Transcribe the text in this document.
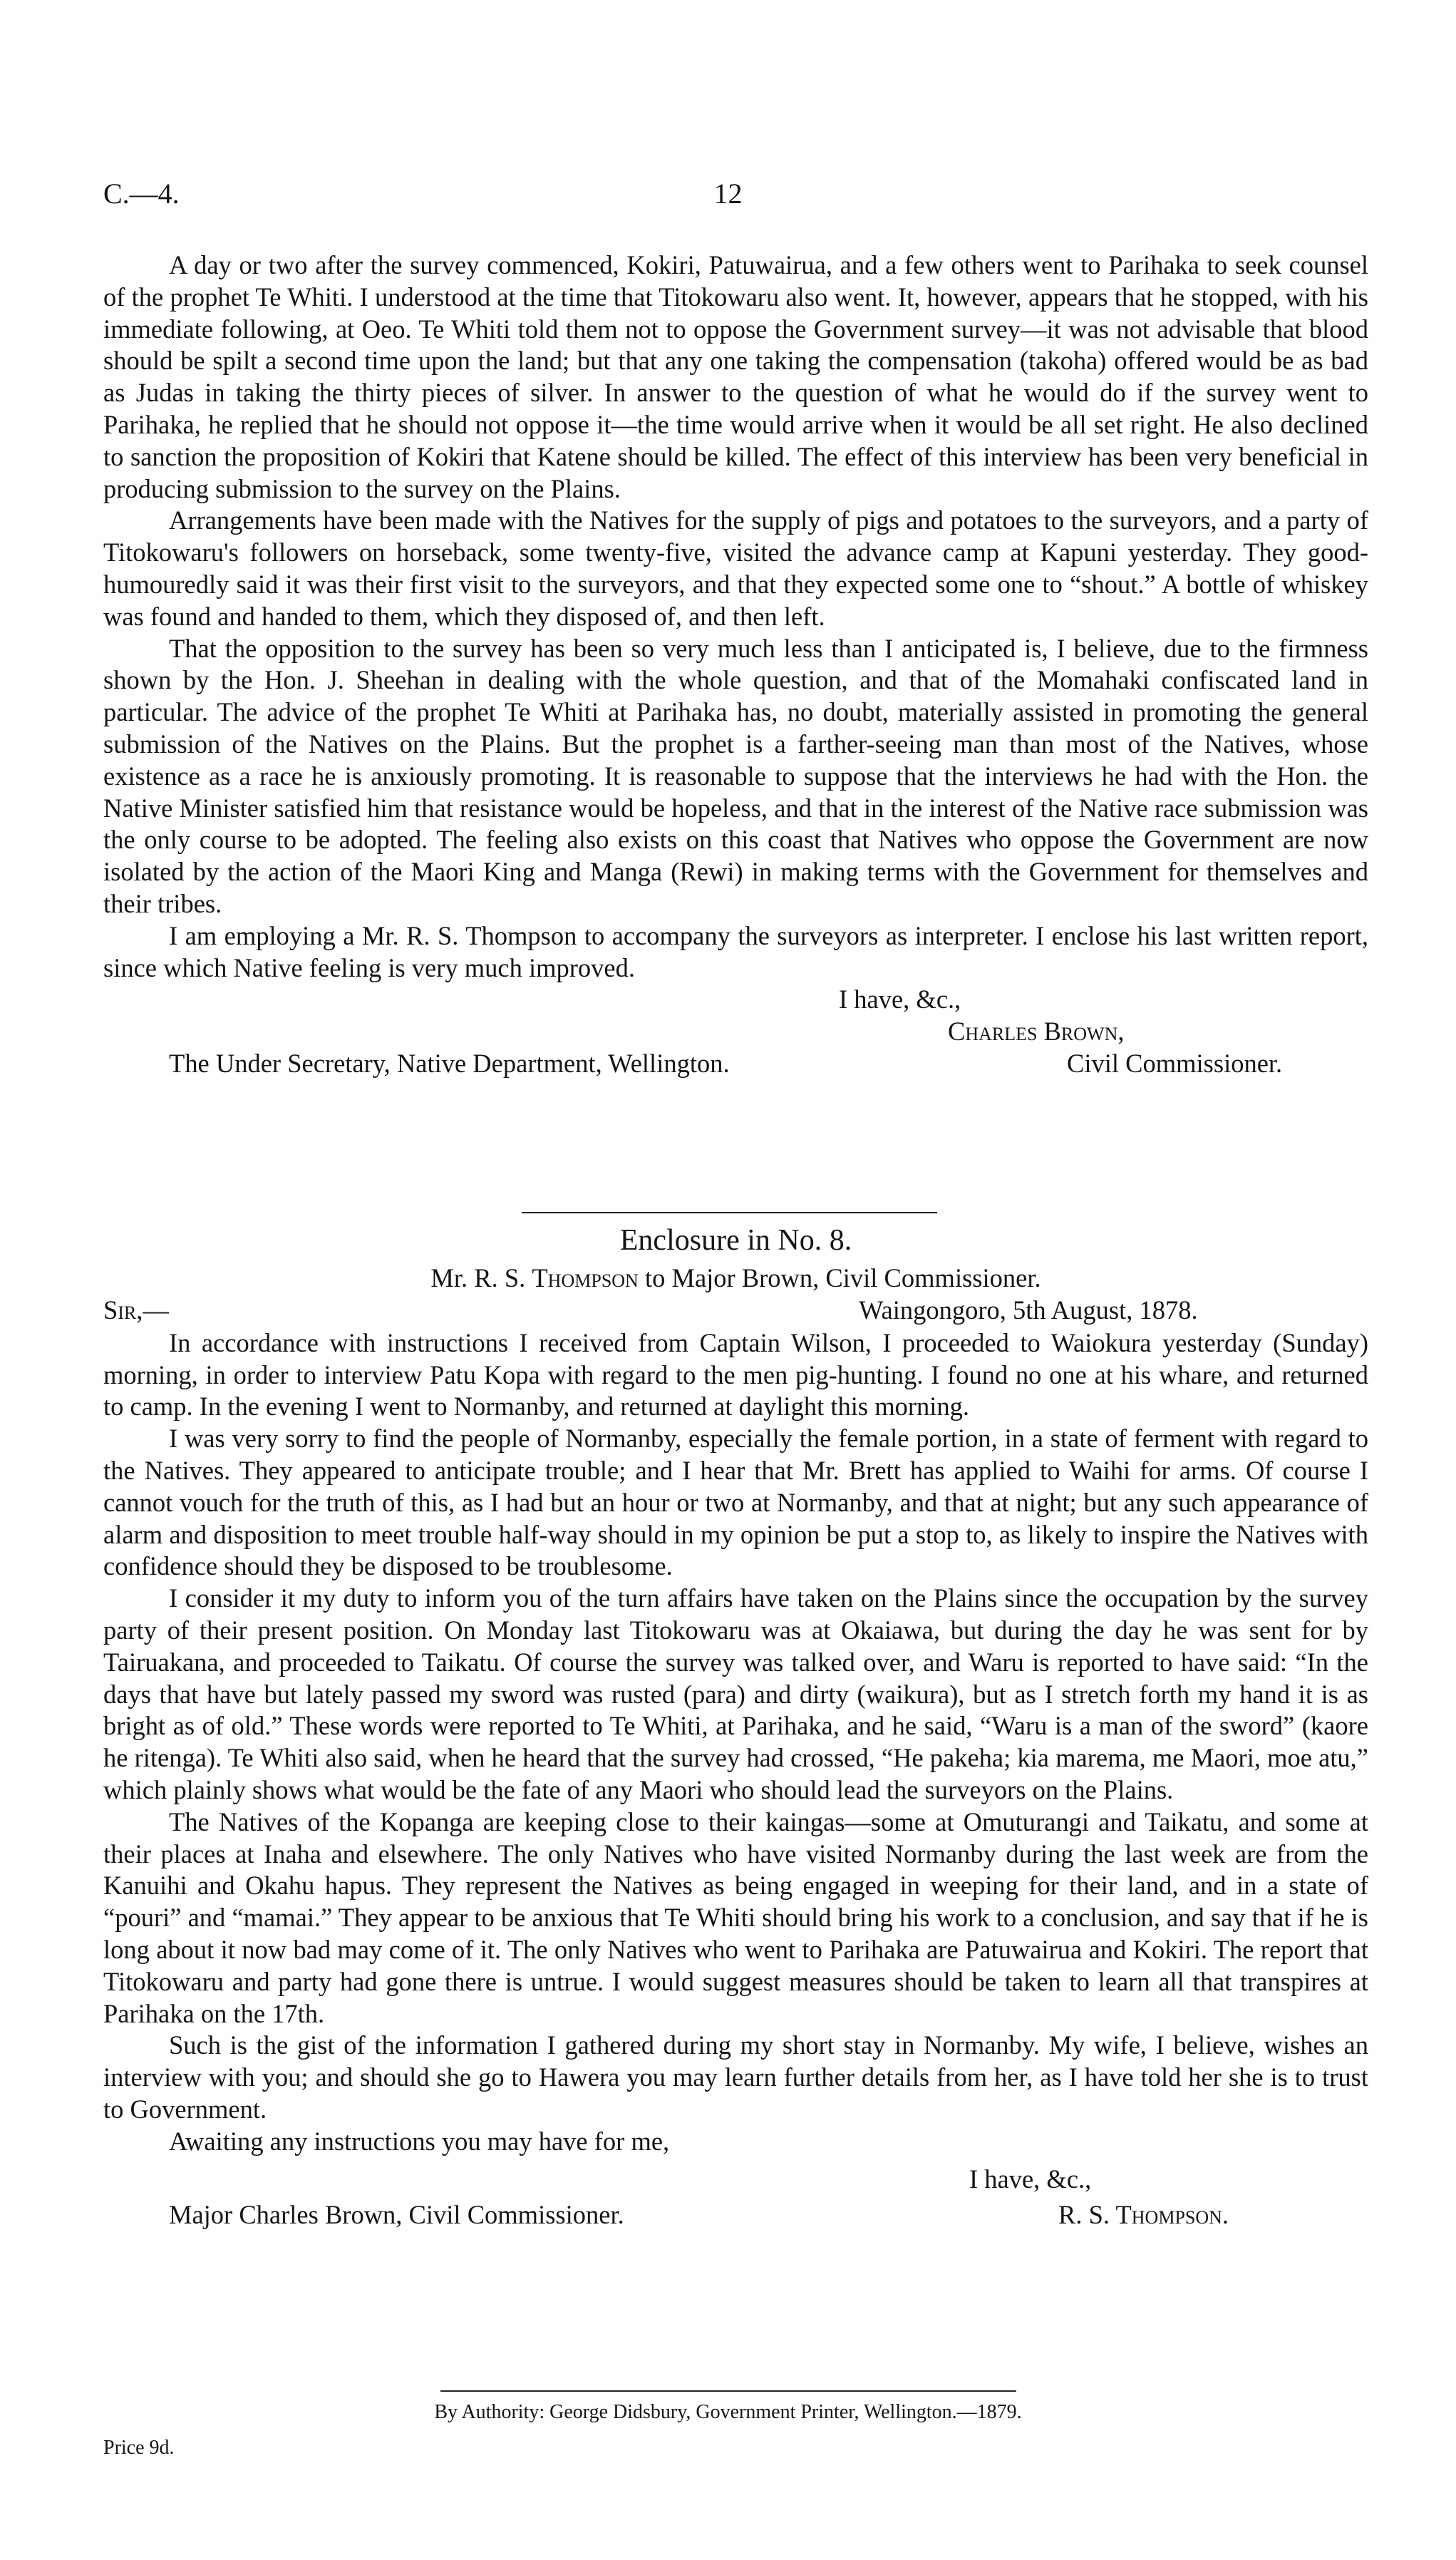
C.—4.	12

A day or two after the survey commenced, Kokiri, Patuwairua, and a few others went to Parihaka to seek counsel of the prophet Te Whiti. I understood at the time that Titokowaru also went. It, however, appears that he stopped, with his immediate following, at Oeo. Te Whiti told them not to oppose the Government survey—it was not advisable that blood should be spilt a second time upon the land; but that any one taking the compensation (takoha) offered would be as bad as Judas in taking the thirty pieces of silver. In answer to the question of what he would do if the survey went to Parihaka, he replied that he should not oppose it—the time would arrive when it would be all set right. He also declined to sanction the proposition of Kokiri that Katene should be killed. The effect of this interview has been very beneficial in producing submission to the survey on the Plains.

Arrangements have been made with the Natives for the supply of pigs and potatoes to the surveyors, and a party of Titokowaru's followers on horseback, some twenty-five, visited the advance camp at Kapuni yesterday. They good-humouredly said it was their first visit to the surveyors, and that they expected some one to “shout.” A bottle of whiskey was found and handed to them, which they disposed of, and then left.

That the opposition to the survey has been so very much less than I anticipated is, I believe, due to the firmness shown by the Hon. J. Sheehan in dealing with the whole question, and that of the Momahaki confiscated land in particular. The advice of the prophet Te Whiti at Parihaka has, no doubt, materially assisted in promoting the general submission of the Natives on the Plains. But the prophet is a farther-seeing man than most of the Natives, whose existence as a race he is anxiously promoting. It is reasonable to suppose that the interviews he had with the Hon. the Native Minister satisfied him that resistance would be hopeless, and that in the interest of the Native race submission was the only course to be adopted. The feeling also exists on this coast that Natives who oppose the Government are now isolated by the action of the Maori King and Manga (Rewi) in making terms with the Government for themselves and their tribes.

I am employing a Mr. R. S. Thompson to accompany the surveyors as interpreter. I enclose his last written report, since which Native feeling is very much improved.

I have, &c.,
Charles Brown,
The Under Secretary, Native Department, Wellington.	Civil Commissioner.
Enclosure in No. 8.
Mr. R. S. Thompson to Major Brown, Civil Commissioner.
Sir,—	Waingongoro, 5th August, 1878.

In accordance with instructions I received from Captain Wilson, I proceeded to Waiokura yesterday (Sunday) morning, in order to interview Patu Kopa with regard to the men pig-hunting. I found no one at his whare, and returned to camp. In the evening I went to Normanby, and returned at daylight this morning.

I was very sorry to find the people of Normanby, especially the female portion, in a state of ferment with regard to the Natives. They appeared to anticipate trouble; and I hear that Mr. Brett has applied to Waihi for arms. Of course I cannot vouch for the truth of this, as I had but an hour or two at Normanby, and that at night; but any such appearance of alarm and disposition to meet trouble half-way should in my opinion be put a stop to, as likely to inspire the Natives with confidence should they be disposed to be troublesome.

I consider it my duty to inform you of the turn affairs have taken on the Plains since the occupation by the survey party of their present position. On Monday last Titokowaru was at Okaiawa, but during the day he was sent for by Tairuakana, and proceeded to Taikatu. Of course the survey was talked over, and Waru is reported to have said: “In the days that have but lately passed my sword was rusted (para) and dirty (waikura), but as I stretch forth my hand it is as bright as of old.” These words were reported to Te Whiti, at Parihaka, and he said, “Waru is a man of the sword” (kaore he ritenga). Te Whiti also said, when he heard that the survey had crossed, “He pakeha; kia marema, me Maori, moe atu,” which plainly shows what would be the fate of any Maori who should lead the surveyors on the Plains.

The Natives of the Kopanga are keeping close to their kaingas—some at Omuturangi and Taikatu, and some at their places at Inaha and elsewhere. The only Natives who have visited Normanby during the last week are from the Kanuihi and Okahu hapus. They represent the Natives as being engaged in weeping for their land, and in a state of “pouri” and “mamai.” They appear to be anxious that Te Whiti should bring his work to a conclusion, and say that if he is long about it now bad may come of it. The only Natives who went to Parihaka are Patuwairua and Kokiri. The report that Titokowaru and party had gone there is untrue. I would suggest measures should be taken to learn all that transpires at Parihaka on the 17th.

Such is the gist of the information I gathered during my short stay in Normanby. My wife, I believe, wishes an interview with you; and should she go to Hawera you may learn further details from her, as I have told her she is to trust to Government.

Awaiting any instructions you may have for me,

I have, &c.,
Major Charles Brown, Civil Commissioner.	R. S. Thompson.
By Authority: George Didsbury, Government Printer, Wellington.—1879.
Price 9d.
